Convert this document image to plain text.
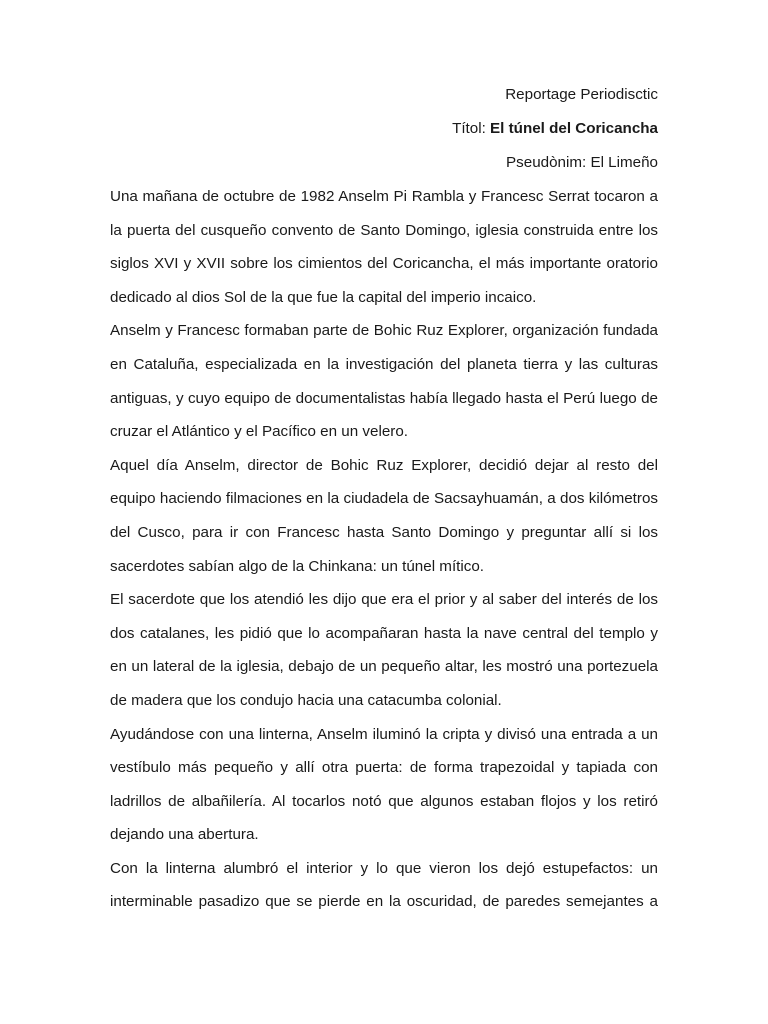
Reportage Periodisctic

Títol: El túnel del Coricancha

Pseudònim: El Limeño

Una mañana de octubre de 1982 Anselm Pi Rambla y Francesc Serrat tocaron a la puerta del cusqueño convento de Santo Domingo, iglesia construida entre los siglos XVI y XVII sobre los cimientos del Coricancha, el más importante oratorio dedicado al dios Sol de la que fue la capital del imperio incaico.

Anselm y Francesc formaban parte de Bohic Ruz Explorer, organización fundada en Cataluña, especializada en la investigación del planeta tierra y las culturas antiguas, y cuyo equipo de documentalistas había llegado hasta el Perú luego de cruzar el Atlántico y el Pacífico en un velero.

Aquel día Anselm, director de Bohic Ruz Explorer, decidió dejar al resto del equipo haciendo filmaciones en la ciudadela de Sacsayhuamán, a dos kilómetros del Cusco, para ir con Francesc hasta Santo Domingo y preguntar allí si los sacerdotes sabían algo de la Chinkana: un túnel mítico.

El sacerdote que los atendió les dijo que era el prior y al saber del interés de los dos catalanes, les pidió que lo acompañaran hasta la nave central del templo y en un lateral de la iglesia, debajo de un pequeño altar, les mostró una portezuela de madera que los condujo hacia una catacumba colonial.

Ayudándose con una linterna, Anselm iluminó la cripta y divisó una entrada a un vestíbulo más pequeño y allí otra puerta: de forma trapezoidal y tapiada con ladrillos de albañilería. Al tocarlos notó que algunos estaban flojos y los retiró dejando una abertura.

Con la linterna alumbró el interior y lo que vieron los dejó estupefactos: un interminable pasadizo que se pierde en la oscuridad, de paredes semejantes a
